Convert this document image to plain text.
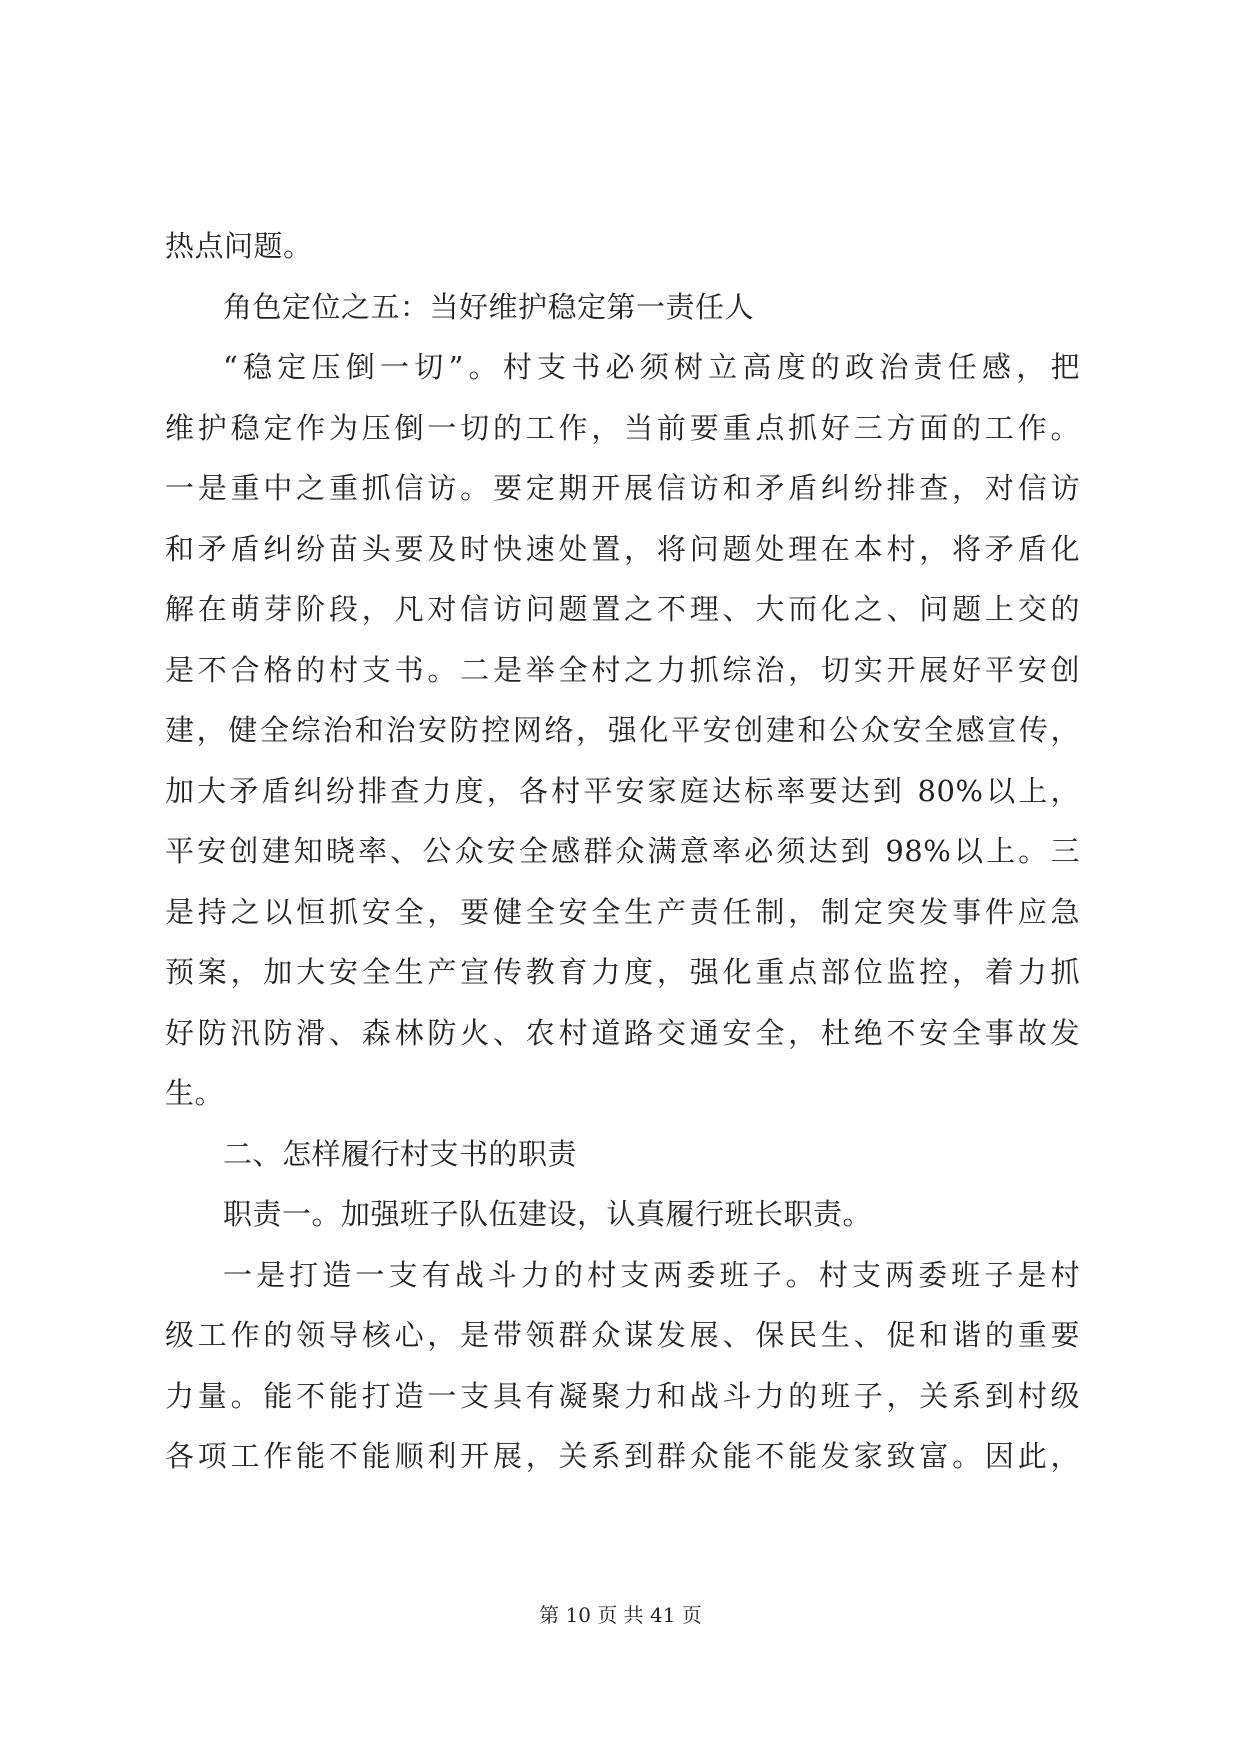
热点问题。
角色定位之五：当好维护稳定第一责任人
“稳定压倒一切”。村支书必须树立高度的政治责任感，把
维护稳定作为压倒一切的工作，当前要重点抓好三方面的工作。
一是重中之重抓信访。要定期开展信访和矛盾纠纷排查，对信访
和矛盾纠纷苗头要及时快速处置，将问题处理在本村，将矛盾化
解在萌芽阶段，凡对信访问题置之不理、大而化之、问题上交的
是不合格的村支书。二是举全村之力抓综治，切实开展好平安创
建，健全综治和治安防控网络，强化平安创建和公众安全感宣传，
加大矛盾纠纷排查力度，各村平安家庭达标率要达到 80%以上，
平安创建知晓率、公众安全感群众满意率必须达到 98%以上。三
是持之以恒抓安全，要健全安全生产责任制，制定突发事件应急
预案，加大安全生产宣传教育力度，强化重点部位监控，着力抓
好防汛防滑、森林防火、农村道路交通安全，杜绝不安全事故发
生。
二、怎样履行村支书的职责
职责一。加强班子队伍建设，认真履行班长职责。
一是打造一支有战斗力的村支两委班子。村支两委班子是村
级工作的领导核心，是带领群众谋发展、保民生、促和谐的重要
力量。能不能打造一支具有凝聚力和战斗力的班子，关系到村级
各项工作能不能顺利开展，关系到群众能不能发家致富。因此，
第 10 页 共 41 页
